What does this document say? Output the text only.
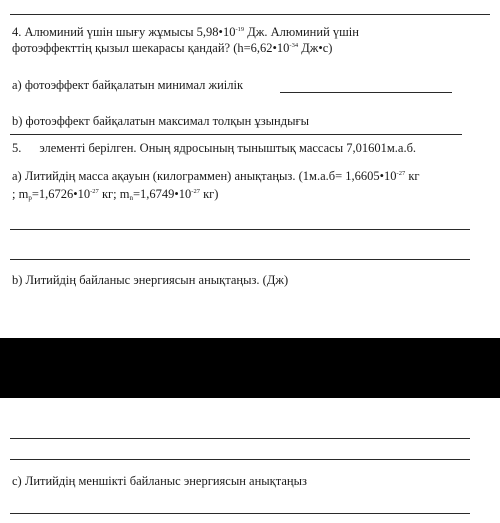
4. Алюминий үшін шығу жұмысы $5,98•10^{-19}$ Дж. Алюминий үшін
фотоэффекттің қызыл шекарасы қандай? ($h=6,62•10^{-34}$ Дж•с)
a) фотоэффект байқалатын минимал жиілік
b) фотоэффект байқалатын максимал толқын ұзындығы
5. элементі берілген. Оның ядросының тыныштық массасы 7,01601м.а.б.
a) Литийдің масса ақауын (килограммен) анықтаңыз. ($1м.а.б= 1,6605•10^{-27}$ кг
; $m_p=1,6726•10^{-27}$ кг; $m_n=1,6749•10^{-27}$ кг)
b) Литийдің байланыс энергиясын анықтаңыз. (Дж)
c) Литийдің меншікті байланыс энергиясын анықтаңыз
